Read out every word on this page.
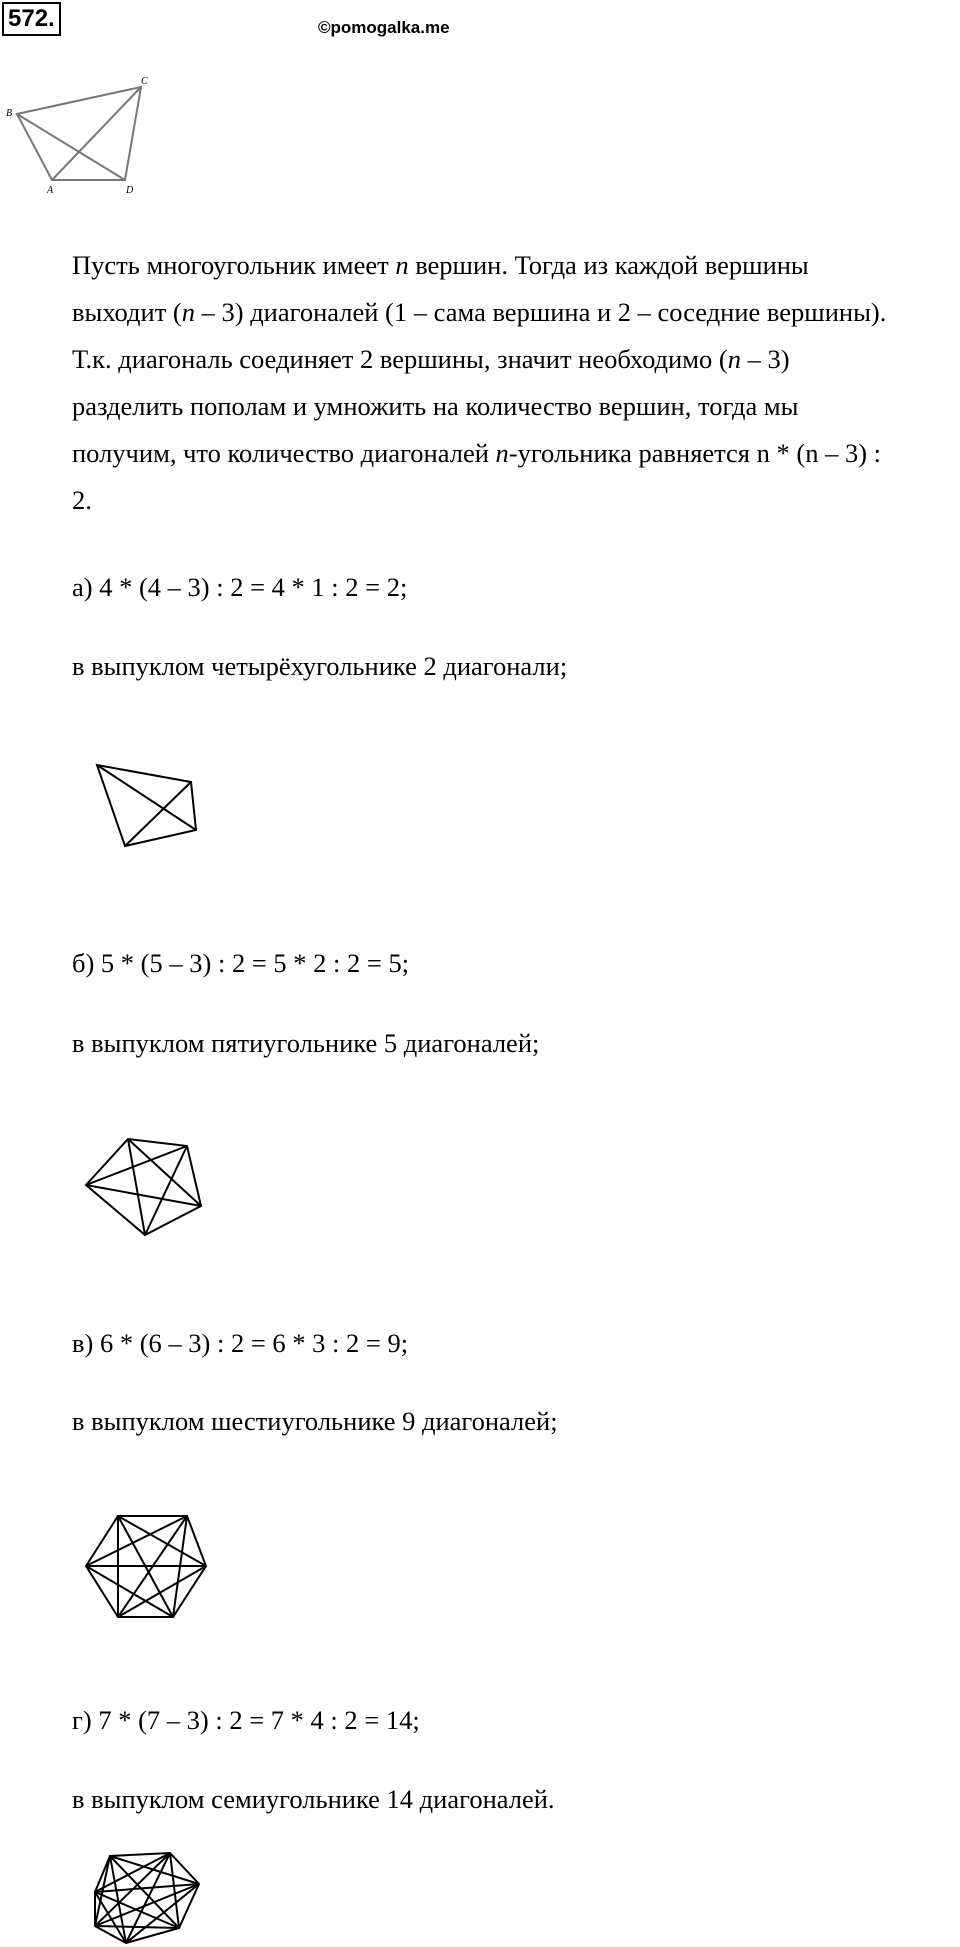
572.	©pomogalka.me
B
C
A	D
Пусть многоугольник имеет n вершин. Тогда из каждой вершины
выходит (n – 3) диагоналей (1 – сама вершина и 2 – соседние вершины).
Т.к. диагональ соединяет 2 вершины, значит необходимо (n – 3)
разделить пополам и умножить на количество вершин, тогда мы
получим, что количество диагоналей n-угольника равняется n * (n – 3) :
2.
а) 4 * (4 – 3) : 2 = 4 * 1 : 2 = 2;
в выпуклом четырёхугольнике 2 диагонали;
б) 5 * (5 – 3) : 2 = 5 * 2 : 2 = 5;
в выпуклом пятиугольнике 5 диагоналей;
в) 6 * (6 – 3) : 2 = 6 * 3 : 2 = 9;
в выпуклом шестиугольнике 9 диагоналей;
г) 7 * (7 – 3) : 2 = 7 * 4 : 2 = 14;
в выпуклом семиугольнике 14 диагоналей.
